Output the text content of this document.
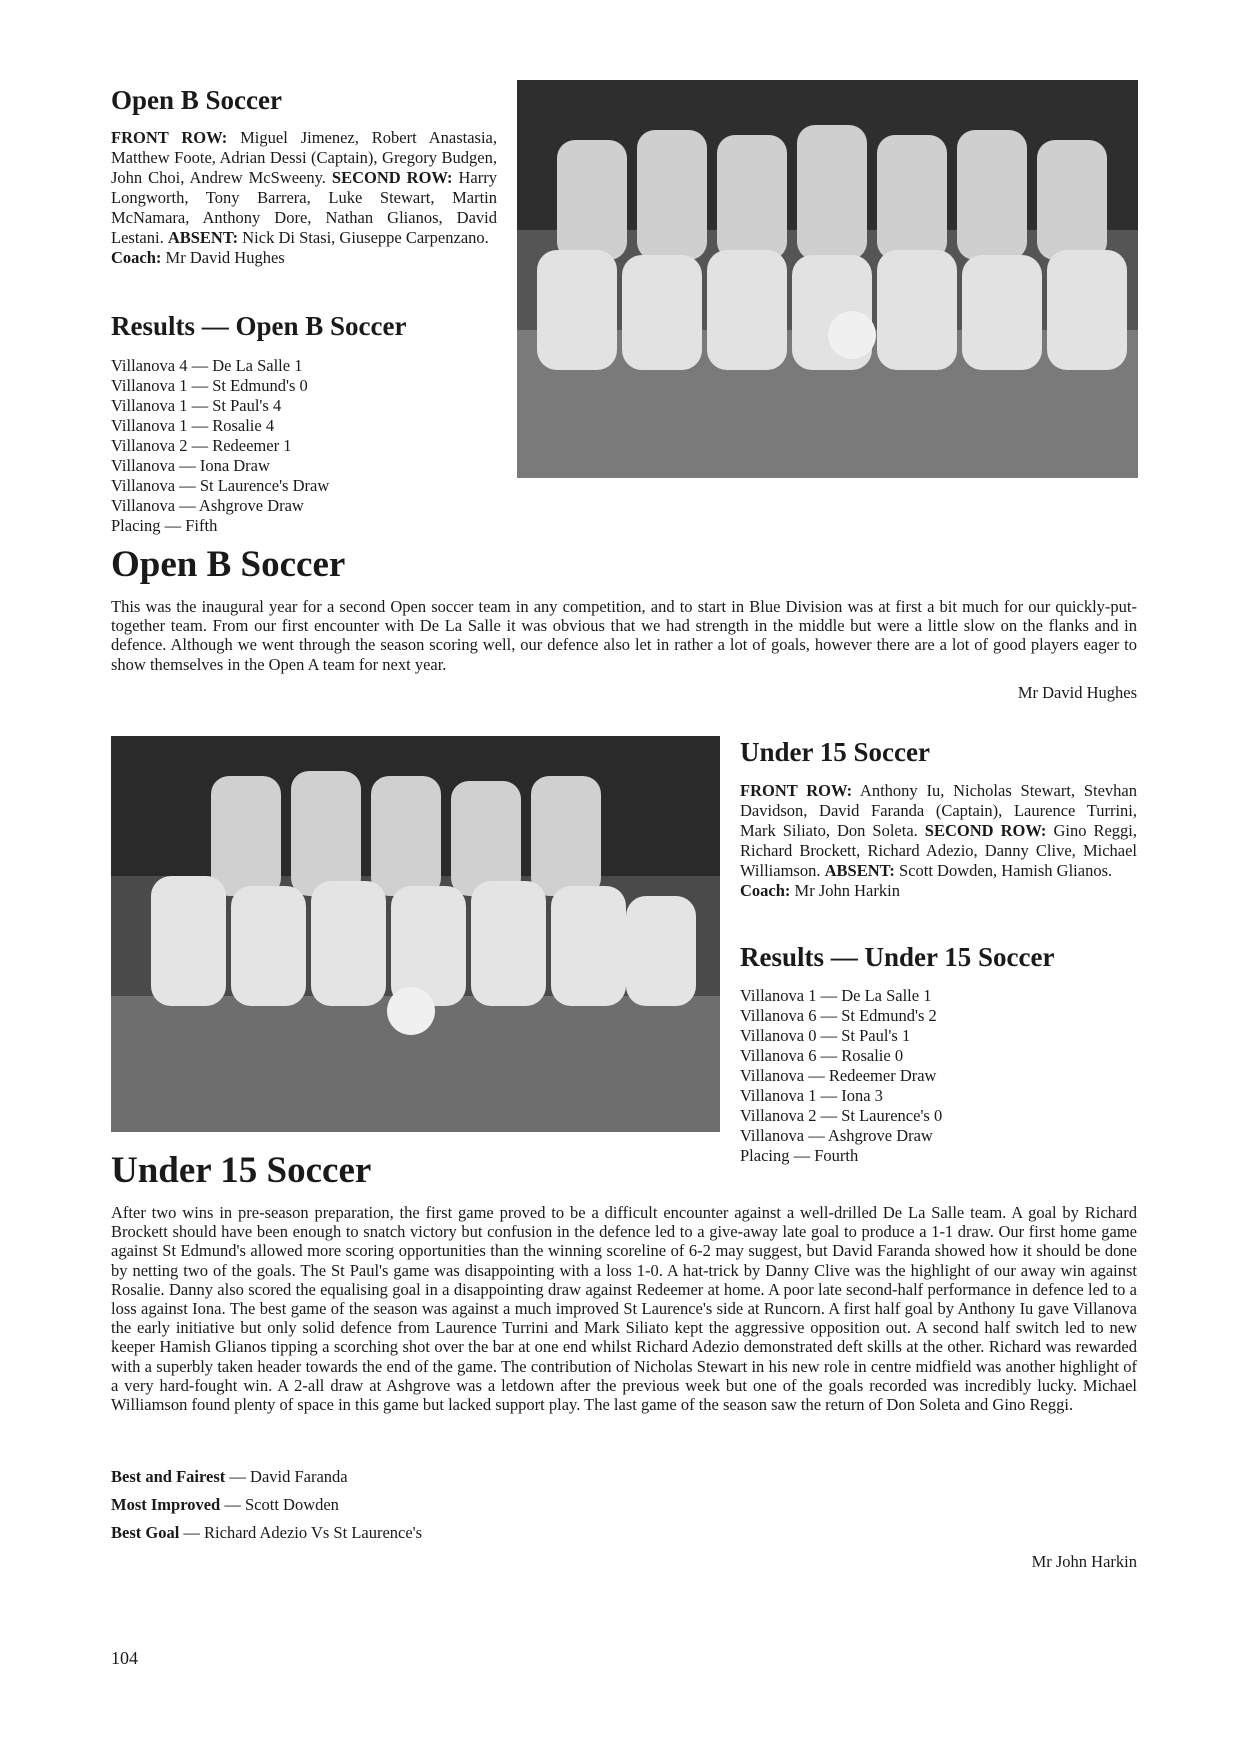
Open B Soccer
FRONT ROW: Miguel Jimenez, Robert Anastasia, Matthew Foote, Adrian Dessi (Captain), Gregory Budgen, John Choi, Andrew McSweeny. SECOND ROW: Harry Longworth, Tony Barrera, Luke Stewart, Martin McNamara, Anthony Dore, Nathan Glianos, David Lestani. ABSENT: Nick Di Stasi, Giuseppe Carpenzano.
Coach: Mr David Hughes
Results — Open B Soccer
Villanova 4 — De La Salle 1
Villanova 1 — St Edmund's 0
Villanova 1 — St Paul's 4
Villanova 1 — Rosalie 4
Villanova 2 — Redeemer 1
Villanova — Iona Draw
Villanova — St Laurence's Draw
Villanova — Ashgrove Draw
Placing — Fifth
Open B Soccer
This was the inaugural year for a second Open soccer team in any competition, and to start in Blue Division was at first a bit much for our quickly-put-together team. From our first encounter with De La Salle it was obvious that we had strength in the middle but were a little slow on the flanks and in defence. Although we went through the season scoring well, our defence also let in rather a lot of goals, however there are a lot of good players eager to show themselves in the Open A team for next year.
Mr David Hughes
Under 15 Soccer
FRONT ROW: Anthony Iu, Nicholas Stewart, Stevhan Davidson, David Faranda (Captain), Laurence Turrini, Mark Siliato, Don Soleta. SECOND ROW: Gino Reggi, Richard Brockett, Richard Adezio, Danny Clive, Michael Williamson. ABSENT: Scott Dowden, Hamish Glianos.
Coach: Mr John Harkin
Results — Under 15 Soccer
Villanova 1 — De La Salle 1
Villanova 6 — St Edmund's 2
Villanova 0 — St Paul's 1
Villanova 6 — Rosalie 0
Villanova — Redeemer Draw
Villanova 1 — Iona 3
Villanova 2 — St Laurence's 0
Villanova — Ashgrove Draw
Placing — Fourth
Under 15 Soccer
After two wins in pre-season preparation, the first game proved to be a difficult encounter against a well-drilled De La Salle team. A goal by Richard Brockett should have been enough to snatch victory but confusion in the defence led to a give-away late goal to produce a 1-1 draw. Our first home game against St Edmund's allowed more scoring opportunities than the winning scoreline of 6-2 may suggest, but David Faranda showed how it should be done by netting two of the goals. The St Paul's game was disappointing with a loss 1-0. A hat-trick by Danny Clive was the highlight of our away win against Rosalie. Danny also scored the equalising goal in a disappointing draw against Redeemer at home. A poor late second-half performance in defence led to a loss against Iona. The best game of the season was against a much improved St Laurence's side at Runcorn. A first half goal by Anthony Iu gave Villanova the early initiative but only solid defence from Laurence Turrini and Mark Siliato kept the aggressive opposition out. A second half switch led to new keeper Hamish Glianos tipping a scorching shot over the bar at one end whilst Richard Adezio demonstrated deft skills at the other. Richard was rewarded with a superbly taken header towards the end of the game. The contribution of Nicholas Stewart in his new role in centre midfield was another highlight of a very hard-fought win. A 2-all draw at Ashgrove was a letdown after the previous week but one of the goals recorded was incredibly lucky. Michael Williamson found plenty of space in this game but lacked support play. The last game of the season saw the return of Don Soleta and Gino Reggi.
Best and Fairest — David Faranda
Most Improved — Scott Dowden
Best Goal — Richard Adezio Vs St Laurence's
Mr John Harkin
104
